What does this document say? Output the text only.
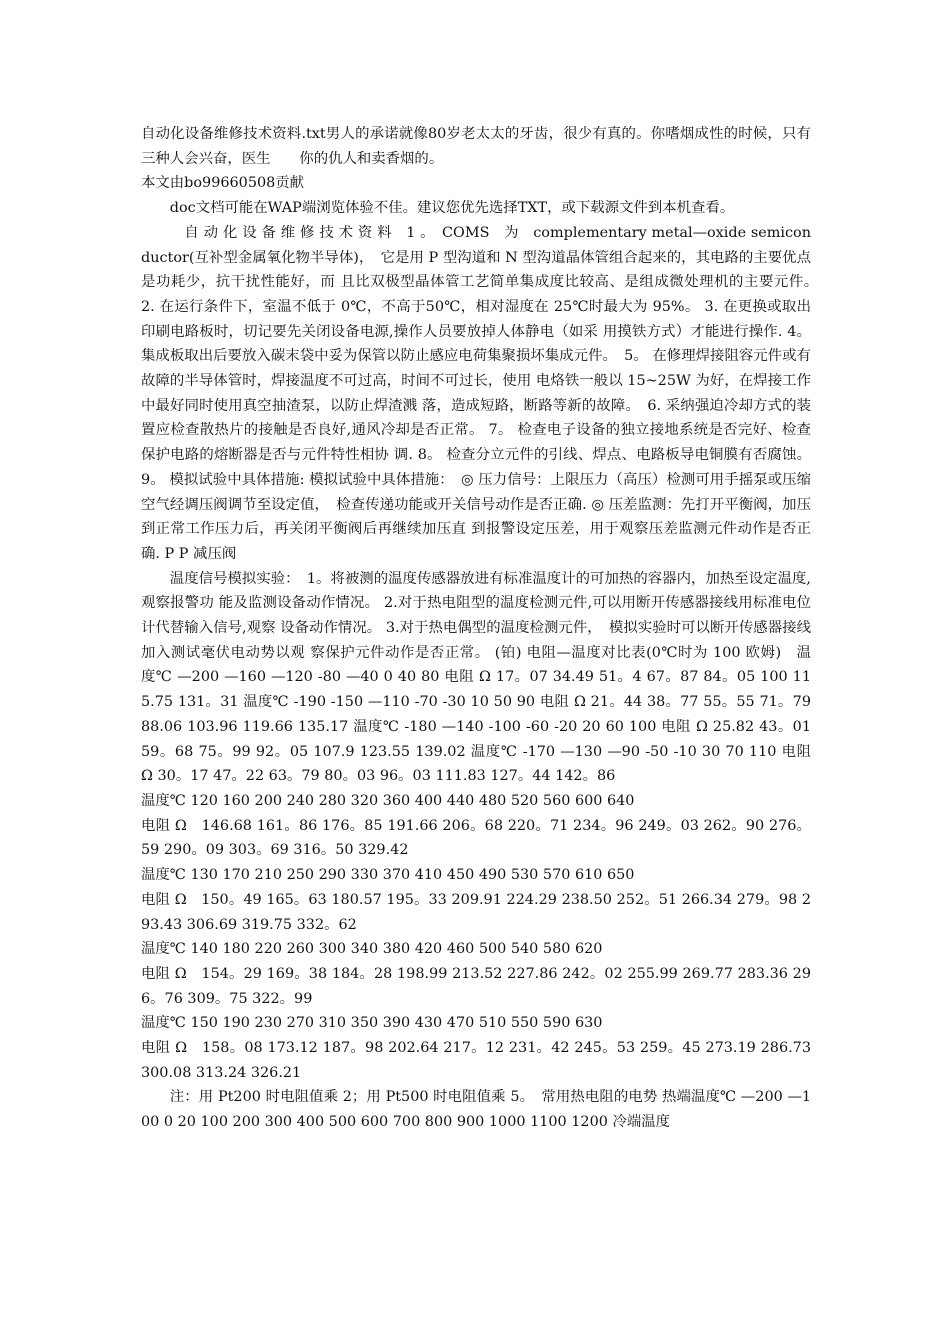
自动化设备维修技术资料.txt男人的承诺就像80岁老太太的牙齿，很少有真的。你嗜烟成性的时候，只有三种人会兴奋，医生　　你的仇人和卖香烟的。

本文由bo99660508贡献

doc文档可能在WAP端浏览体验不佳。建议您优先选择TXT，或下载源文件到本机查看。

　自 动 化 设 备 维 修 技 术 资 料　1 。　COMS　为　complementary metal—oxide semiconductor(互补型金属氧化物半导体)，　它是用 P 型沟道和 N 型沟道晶体管组合起来的，其电路的主要优点是功耗少，抗干扰性能好，而 且比双极型晶体管工艺简单集成度比较高、是组成微处理机的主要元件。　2. 在运行条件下，室温不低于 0℃，不高于50℃，相对湿度在 25℃时最大为 95%。 3. 在更换或取出印刷电路板时，切记要先关闭设备电源,操作人员要放掉人体静电（如采 用摸铁方式）才能进行操作. 4。 集成板取出后要放入碳末袋中妥为保管以防止感应电荷集聚损坏集成元件。　5。 在修理焊接阻容元件或有故障的半导体管时，焊接温度不可过高，时间不可过长，使用 电烙铁一般以 15~25W 为好，在焊接工作中最好同时使用真空抽渣泵，以防止焊渣溅 落，造成短路，断路等新的故障。　6. 采纳强迫冷却方式的装置应检查散热片的接触是否良好,通风冷却是否正常。 7。 检查电子设备的独立接地系统是否完好、检查保护电路的熔断器是否与元件特性相协 调. 8。 检查分立元件的引线、焊点、电路板导电铜膜有否腐蚀。 9。 模拟试验中具体措施: 模拟试验中具体措施：　◎ 压力信号：上限压力（高压）检测可用手摇泵或压缩空气经调压阀调节至设定值，　检查传递功能或开关信号动作是否正确. ◎ 压差监测：先打开平衡阀，加压到正常工作压力后，再关闭平衡阀后再继续加压直 到报警设定压差，用于观察压差监测元件动作是否正确. P P 减压阀

温度信号模拟实验：　1。将被测的温度传感器放进有标准温度计的可加热的容器内，加热至设定温度,观察报警功 能及监测设备动作情况。 2.对于热电阻型的温度检测元件,可以用断开传感器接线用标准电位计代替输入信号,观察 设备动作情况。 3.对于热电偶型的温度检测元件，　模拟实验时可以断开传感器接线加入测试毫伏电动势以观 察保护元件动作是否正常。 (铂) 电阻—温度对比表(0℃时为 100 欧姆)　温度℃ —200 —160 —120 -80 —40 0 40 80 电阻 Ω 17。07 34.49 51。4 67。87 84。05 100 115.75 131。31 温度℃ -190 -150 —110 -70 -30 10 50 90 电阻 Ω 21。44 38。77 55。55 71。79 88.06 103.96 119.66 135.17 温度℃ -180 —140 -100 -60 -20 20 60 100 电阻 Ω 25.82 43。01 59。68 75。99 92。05 107.9 123.55 139.02 温度℃ -170 —130 —90 -50 -10 30 70 110 电阻 Ω 30。17 47。22 63。79 80。03 96。03 111.83 127。44 142。86

温度℃ 120 160 200 240 280 320 360 400 440 480 520 560 600 640

电阻 Ω　146.68 161。86 176。85 191.66 206。68 220。71 234。96 249。03 262。90 276。59 290。09 303。69 316。50 329.42

温度℃ 130 170 210 250 290 330 370 410 450 490 530 570 610 650

电阻 Ω　150。49 165。63 180.57 195。33 209.91 224.29 238.50 252。51 266.34 279。98 293.43 306.69 319.75 332。62

温度℃ 140 180 220 260 300 340 380 420 460 500 540 580 620

电阻 Ω　154。29 169。38 184。28 198.99 213.52 227.86 242。02 255.99 269.77 283.36 296。76 309。75 322。99

温度℃ 150 190 230 270 310 350 390 430 470 510 550 590 630

电阻 Ω　158。08 173.12 187。98 202.64 217。12 231。42 245。53 259。45 273.19 286.73 300.08 313.24 326.21

注：用 Pt200 时电阻值乘 2；用 Pt500 时电阻值乘 5。　常用热电阻的电势 热端温度℃ —200 —100 0 20 100 200 300 400 500 600 700 800 900 1000 1100 1200 冷端温度
